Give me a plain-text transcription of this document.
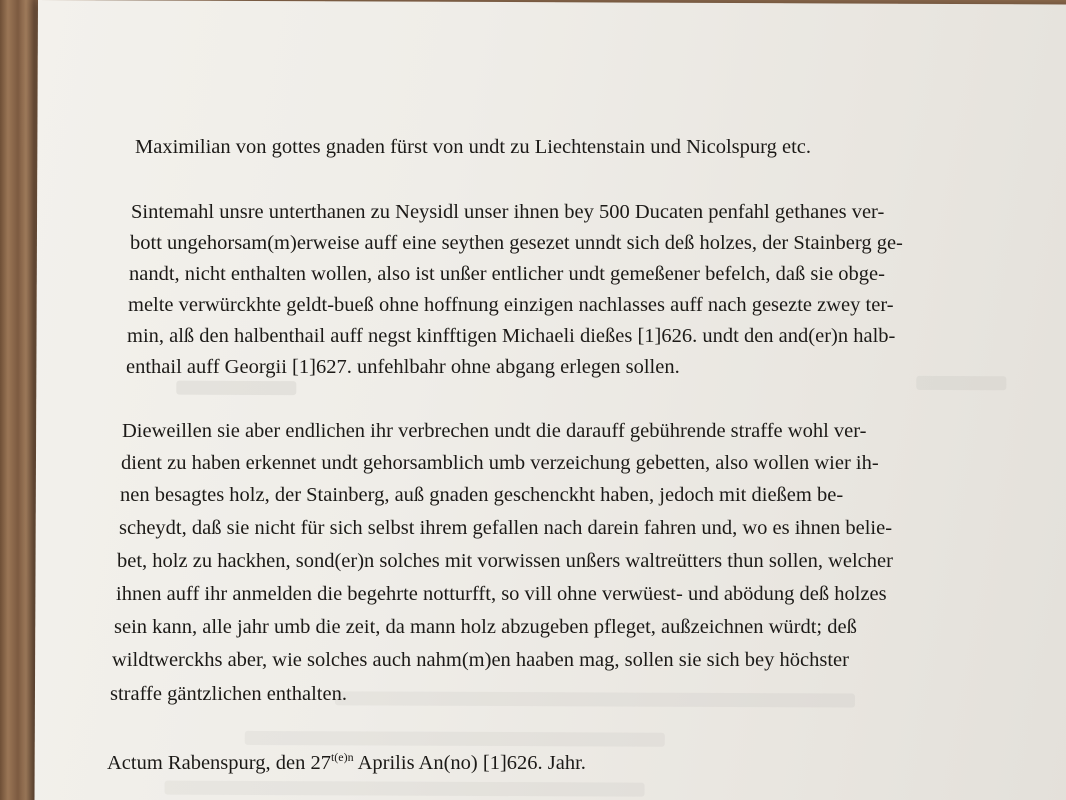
Maximilian von gottes gnaden fürst von undt zu Liechtenstain und Nicolspurg etc.

Sintemahl unsre unterthanen zu Neysidl unser ihnen bey 500 Ducaten penfahl gethanes ver-

bott ungehorsam(m)erweise auff eine seythen gesezet unndt sich deß holzes, der Stainberg ge-

nandt, nicht enthalten wollen, also ist unßer entlicher undt gemeßener befelch, daß sie obge-

melte verwürckhte geldt-bueß ohne hoffnung einzigen nachlasses auff nach gesezte zwey ter-

min, alß den halbenthail auff negst kinfftigen Michaeli dießes [1]626. undt den and(er)n halb-

enthail auff Georgii [1]627. unfehlbahr ohne abgang erlegen sollen.

Dieweillen sie aber endlichen ihr verbrechen undt die darauff gebührende straffe wohl ver-

dient zu haben erkennet undt gehorsamblich umb verzeichung gebetten, also wollen wier ih-

nen besagtes holz, der Stainberg, auß gnaden geschenckht haben, jedoch mit dießem be-

scheydt, daß sie nicht für sich selbst ihrem gefallen nach darein fahren und, wo es ihnen belie-

bet, holz zu hackhen, sond(er)n solches mit vorwissen unßers waltreütters thun sollen, welcher

ihnen auff ihr anmelden die begehrte notturfft, so vill ohne verwüest- und abödung deß holzes

sein kann, alle jahr umb die zeit, da mann holz abzugeben pfleget, außzeichnen würdt; deß

wildtwerckhs aber, wie solches auch nahm(m)en haaben mag, sollen sie sich bey höchster

straffe gäntzlichen enthalten.

Actum Rabenspurg, den $27^{t(e)n}$ Aprilis An(no) [1]626. Jahr.
